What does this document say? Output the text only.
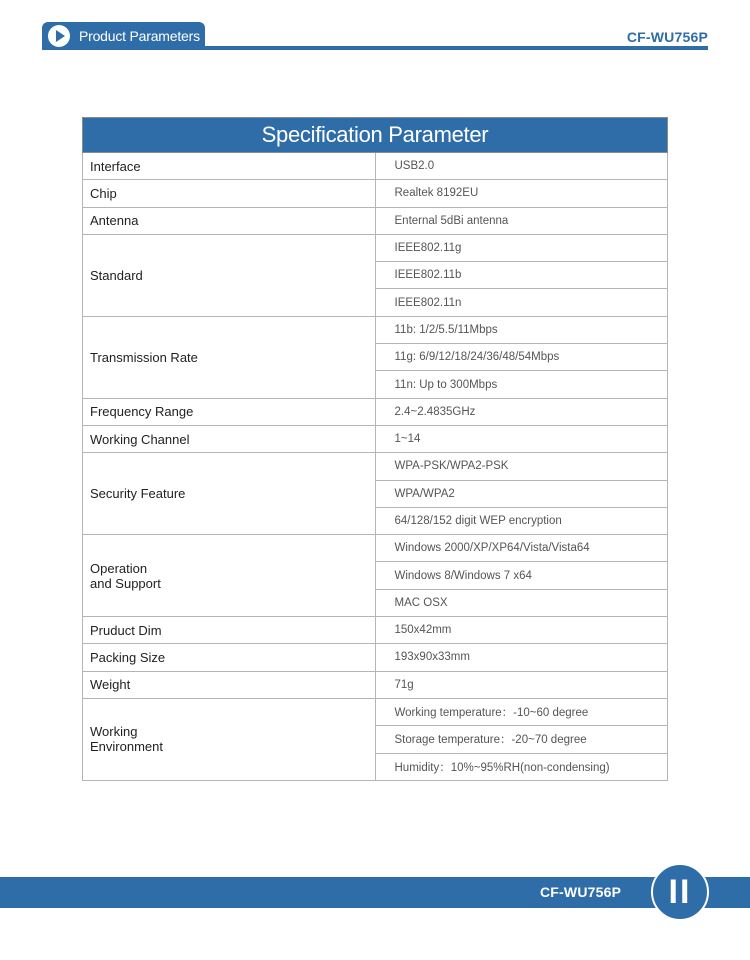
Product Parameters	CF-WU756P
Specification Parameter	
Interface	USB2.0
Chip	Realtek 8192EU
Antenna	Enternal 5dBi antenna
Standard	IEEE802.11g
	IEEE802.11b
	IEEE802.11n
Transmission Rate	11b: 1/2/5.5/11Mbps
	11g: 6/9/12/18/24/36/48/54Mbps
	11n: Up to 300Mbps
Frequency Range	2.4~2.4835GHz
Working Channel	1~14
Security Feature	WPA-PSK/WPA2-PSK
	WPA/WPA2
	64/128/152 digit WEP encryption
Operation
and Support	Windows 2000/XP/XP64/Vista/Vista64
	Windows 8/Windows 7 x64
	MAC OSX
Pruduct Dim	150x42mm
Packing Size	193x90x33mm
Weight	71g
Working
Environment	Working temperature：-10~60 degree
	Storage temperature：-20~70 degree
	Humidity：10%~95%RH(non-condensing)
CF-WU756P	II
